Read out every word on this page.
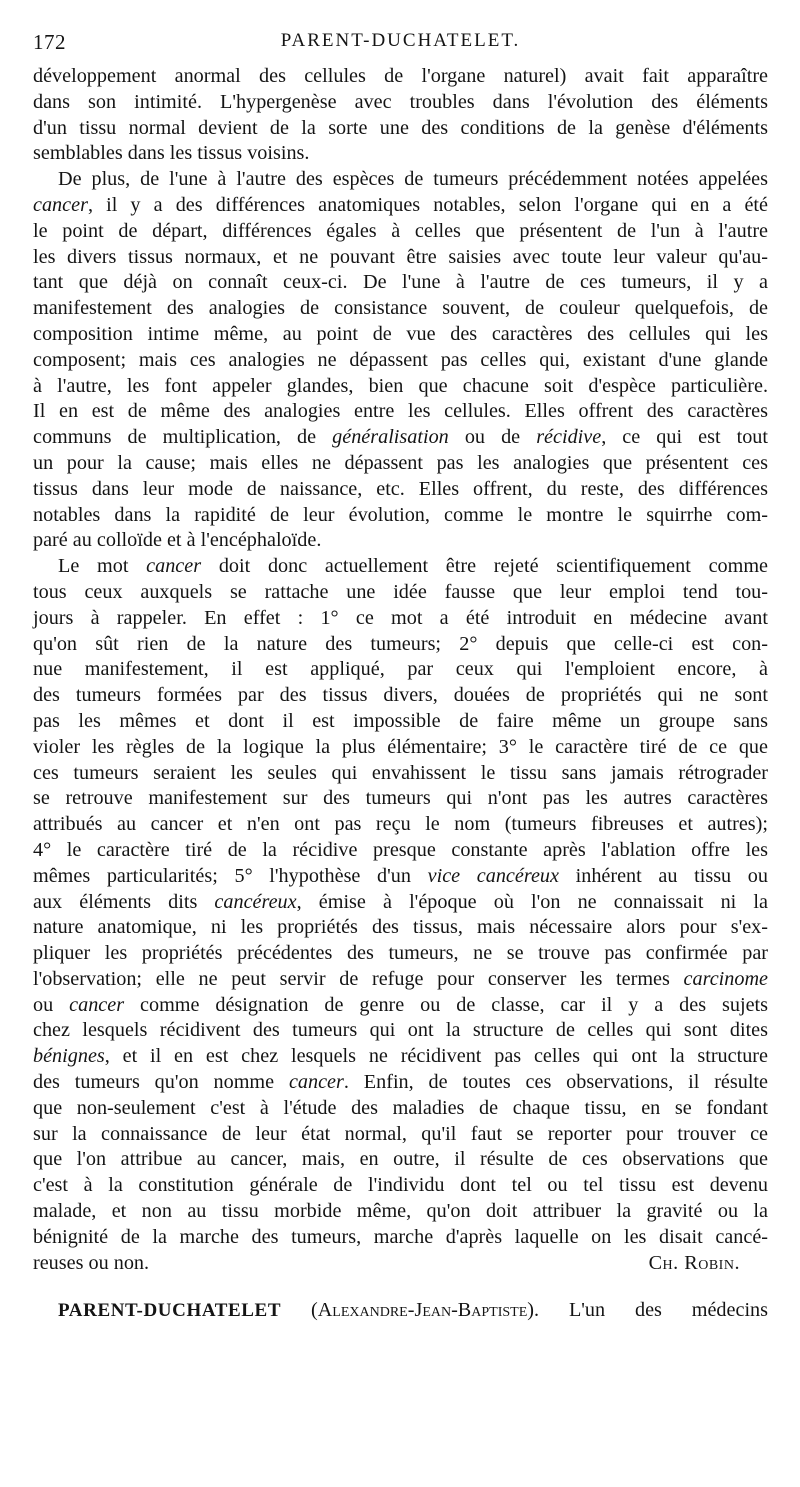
172	PARENT-DUCHATELET.
développement anormal des cellules de l'organe naturel) avait fait apparaître
dans son intimité. L'hypergenèse avec troubles dans l'évolution des éléments
d'un tissu normal devient de la sorte une des conditions de la genèse d'éléments
semblables dans les tissus voisins.
De plus, de l'une à l'autre des espèces de tumeurs précédemment notées appelées
cancer, il y a des différences anatomiques notables, selon l'organe qui en a été
le point de départ, différences égales à celles que présentent de l'un à l'autre
les divers tissus normaux, et ne pouvant être saisies avec toute leur valeur qu'au-
tant que déjà on connaît ceux-ci. De l'une à l'autre de ces tumeurs, il y a
manifestement des analogies de consistance souvent, de couleur quelquefois, de
composition intime même, au point de vue des caractères des cellules qui les
composent; mais ces analogies ne dépassent pas celles qui, existant d'une glande
à l'autre, les font appeler glandes, bien que chacune soit d'espèce particulière.
Il en est de même des analogies entre les cellules. Elles offrent des caractères
communs de multiplication, de généralisation ou de récidive, ce qui est tout
un pour la cause; mais elles ne dépassent pas les analogies que présentent ces
tissus dans leur mode de naissance, etc. Elles offrent, du reste, des différences
notables dans la rapidité de leur évolution, comme le montre le squirrhe com-
paré au colloïde et à l'encéphaloïde.
Le mot cancer doit donc actuellement être rejeté scientifiquement comme
tous ceux auxquels se rattache une idée fausse que leur emploi tend tou-
jours à rappeler. En effet : 1° ce mot a été introduit en médecine avant
qu'on sût rien de la nature des tumeurs; 2° depuis que celle-ci est con-
nue manifestement, il est appliqué, par ceux qui l'emploient encore, à
des tumeurs formées par des tissus divers, douées de propriétés qui ne sont
pas les mêmes et dont il est impossible de faire même un groupe sans
violer les règles de la logique la plus élémentaire; 3° le caractère tiré de ce que
ces tumeurs seraient les seules qui envahissent le tissu sans jamais rétrograder
se retrouve manifestement sur des tumeurs qui n'ont pas les autres caractères
attribués au cancer et n'en ont pas reçu le nom (tumeurs fibreuses et autres);
4° le caractère tiré de la récidive presque constante après l'ablation offre les
mêmes particularités; 5° l'hypothèse d'un vice cancéreux inhérent au tissu ou
aux éléments dits cancéreux, émise à l'époque où l'on ne connaissait ni la
nature anatomique, ni les propriétés des tissus, mais nécessaire alors pour s'ex-
pliquer les propriétés précédentes des tumeurs, ne se trouve pas confirmée par
l'observation; elle ne peut servir de refuge pour conserver les termes carcinome
ou cancer comme désignation de genre ou de classe, car il y a des sujets
chez lesquels récidivent des tumeurs qui ont la structure de celles qui sont dites
bénignes, et il en est chez lesquels ne récidivent pas celles qui ont la structure
des tumeurs qu'on nomme cancer. Enfin, de toutes ces observations, il résulte
que non-seulement c'est à l'étude des maladies de chaque tissu, en se fondant
sur la connaissance de leur état normal, qu'il faut se reporter pour trouver ce
que l'on attribue au cancer, mais, en outre, il résulte de ces observations que
c'est à la constitution générale de l'individu dont tel ou tel tissu est devenu
malade, et non au tissu morbide même, qu'on doit attribuer la gravité ou la
bénignité de la marche des tumeurs, marche d'après laquelle on les disait cancé-
reuses ou non.	Ch. Robin.
PARENT-DUCHATELET (Alexandre-Jean-Baptiste). L'un des médecins
